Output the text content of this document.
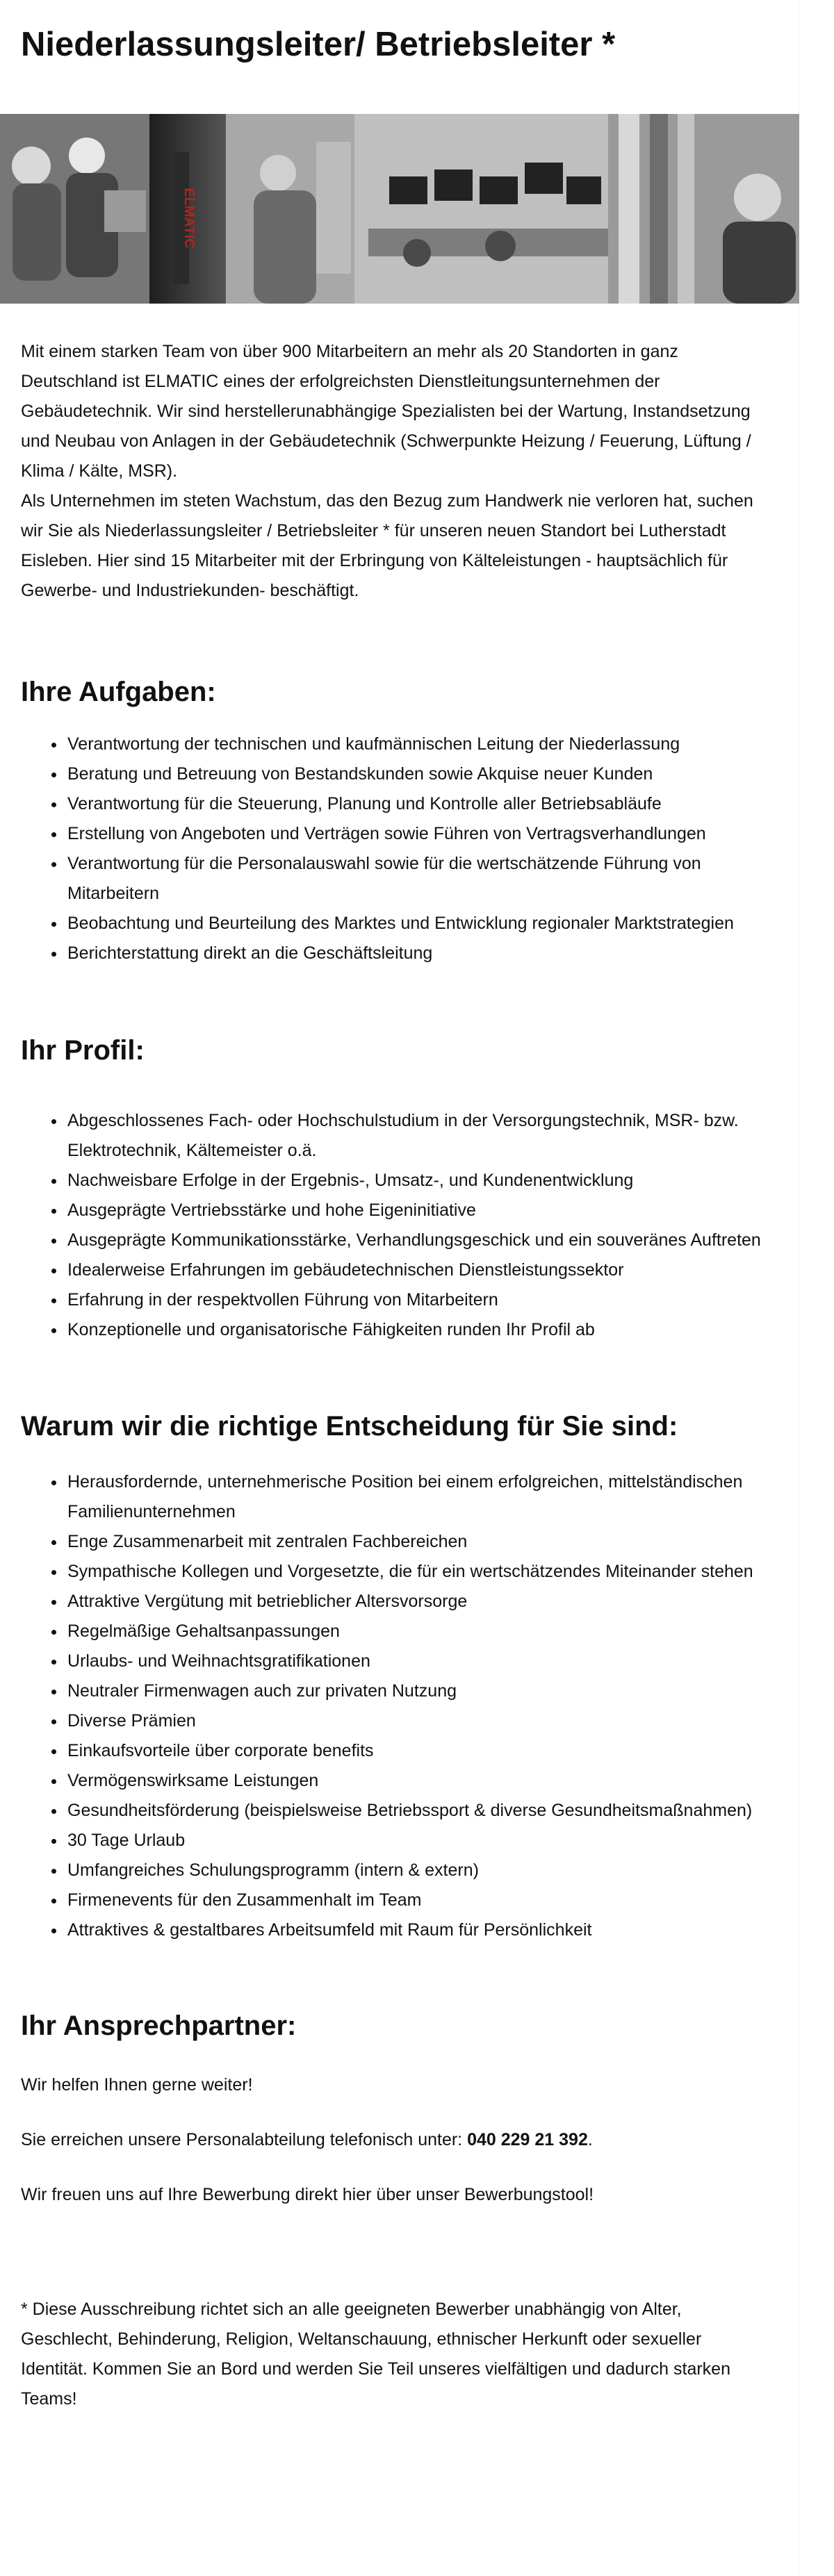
Niederlassungsleiter/ Betriebsleiter *
ELMATIC
Mit einem starken Team von über 900 Mitarbeitern an mehr als 20 Standorten in ganz Deutschland ist ELMATIC eines der erfolgreichsten Dienstleitungsunternehmen der Gebäudetechnik. Wir sind herstellerunabhängige Spezialisten bei der Wartung, Instandsetzung und Neubau von Anlagen in der Gebäudetechnik (Schwerpunkte Heizung / Feuerung, Lüftung / Klima / Kälte, MSR).
Als Unternehmen im steten Wachstum, das den Bezug zum Handwerk nie verloren hat, suchen wir Sie als Niederlassungsleiter / Betriebsleiter * für unseren neuen Standort bei Lutherstadt Eisleben. Hier sind 15 Mitarbeiter mit der Erbringung von Kälteleistungen - hauptsächlich für Gewerbe- und Industriekunden- beschäftigt.
Ihre Aufgaben:
• Verantwortung der technischen und kaufmännischen Leitung der Niederlassung
• Beratung und Betreuung von Bestandskunden sowie Akquise neuer Kunden
• Verantwortung für die Steuerung, Planung und Kontrolle aller Betriebsabläufe
• Erstellung von Angeboten und Verträgen sowie Führen von Vertragsverhandlungen
• Verantwortung für die Personalauswahl sowie für die wertschätzende Führung von Mitarbeitern
• Beobachtung und Beurteilung des Marktes und Entwicklung regionaler Marktstrategien
• Berichterstattung direkt an die Geschäftsleitung
Ihr Profil:
• Abgeschlossenes Fach- oder Hochschulstudium in der Versorgungstechnik, MSR- bzw. Elektrotechnik, Kältemeister o.ä.
• Nachweisbare Erfolge in der Ergebnis-, Umsatz-, und Kundenentwicklung
• Ausgeprägte Vertriebsstärke und hohe Eigeninitiative
• Ausgeprägte Kommunikationsstärke, Verhandlungsgeschick und ein souveränes Auftreten
• Idealerweise Erfahrungen im gebäudetechnischen Dienstleistungssektor
• Erfahrung in der respektvollen Führung von Mitarbeitern
• Konzeptionelle und organisatorische Fähigkeiten runden Ihr Profil ab
Warum wir die richtige Entscheidung für Sie sind:
• Herausfordernde, unternehmerische Position bei einem erfolgreichen, mittelständischen Familienunternehmen
• Enge Zusammenarbeit mit zentralen Fachbereichen
• Sympathische Kollegen und Vorgesetzte, die für ein wertschätzendes Miteinander stehen
• Attraktive Vergütung mit betrieblicher Altersvorsorge
• Regelmäßige Gehaltsanpassungen
• Urlaubs- und Weihnachtsgratifikationen
• Neutraler Firmenwagen auch zur privaten Nutzung
• Diverse Prämien
• Einkaufsvorteile über corporate benefits
• Vermögenswirksame Leistungen
• Gesundheitsförderung (beispielsweise Betriebssport & diverse Gesundheitsmaßnahmen)
• 30 Tage Urlaub
• Umfangreiches Schulungsprogramm (intern & extern)
• Firmenevents für den Zusammenhalt im Team
• Attraktives & gestaltbares Arbeitsumfeld mit Raum für Persönlichkeit
Ihr Ansprechpartner:

Wir helfen Ihnen gerne weiter!

Sie erreichen unsere Personalabteilung telefonisch unter: 040 229 21 392.

Wir freuen uns auf Ihre Bewerbung direkt hier über unser Bewerbungstool!

* Diese Ausschreibung richtet sich an alle geeigneten Bewerber unabhängig von Alter, Geschlecht, Behinderung, Religion, Weltanschauung, ethnischer Herkunft oder sexueller Identität. Kommen Sie an Bord und werden Sie Teil unseres vielfältigen und dadurch starken Teams!
